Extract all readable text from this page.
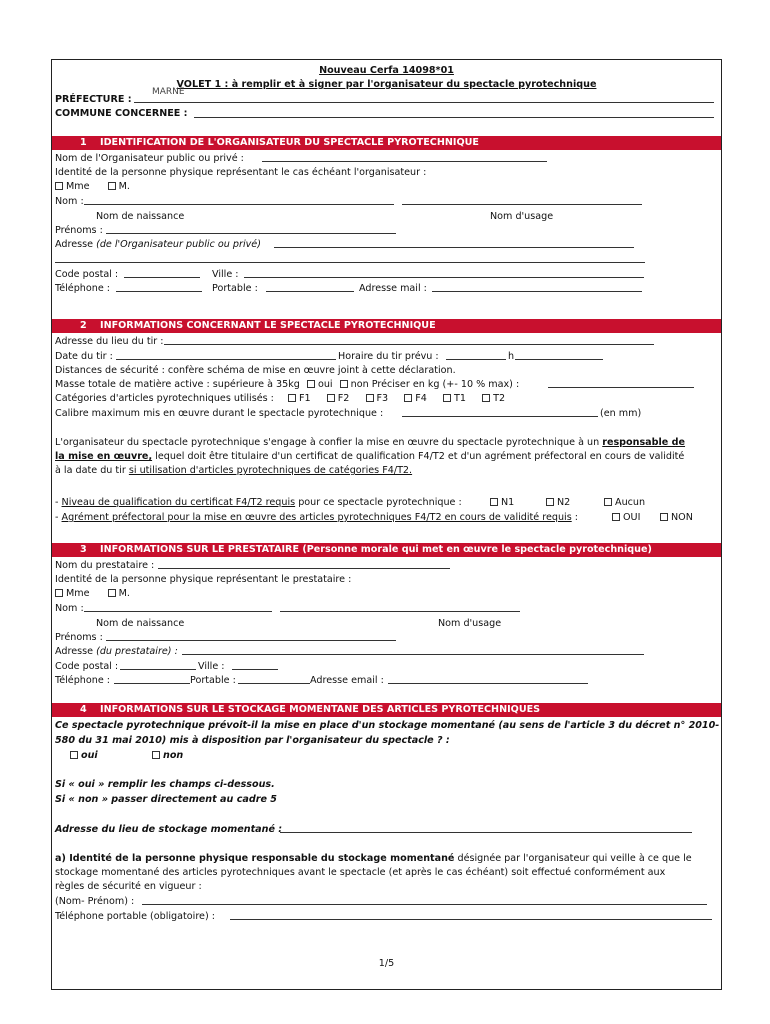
Nouveau Cerfa 14098*01
VOLET 1 : à remplir et à signer par l'organisateur du spectacle pyrotechnique
MARNE
PRÉFECTURE :
COMMUNE CONCERNEE :
1 IDENTIFICATION DE L'ORGANISATEUR DU SPECTACLE PYROTECHNIQUE
Nom de l'Organisateur public ou privé :
Identité de la personne physique représentant le cas échéant l'organisateur :
Mme	M.
Nom :
Nom de naissance	Nom d'usage
Prénoms :
Adresse (de l'Organisateur public ou privé)
Code postal :	Ville :
Téléphone :	Portable :	Adresse mail :
2 INFORMATIONS CONCERNANT LE SPECTACLE PYROTECHNIQUE
Adresse du lieu du tir :
Date du tir :	Horaire du tir prévu :	h
Distances de sécurité : confère schéma de mise en œuvre joint à cette déclaration.
Masse totale de matière active : supérieure à 35kg oui non Préciser en kg (+- 10 % max) :
Catégories d'articles pyrotechniques utilisés :	F1	F2	F3	F4	T1	T2
Calibre maximum mis en œuvre durant le spectacle pyrotechnique :	(en mm)
L'organisateur du spectacle pyrotechnique s'engage à confier la mise en œuvre du spectacle pyrotechnique à un responsable de
la mise en œuvre, lequel doit être titulaire d'un certificat de qualification F4/T2 et d'un agrément préfectoral en cours de validité
à la date du tir si utilisation d'articles pyrotechniques de catégories F4/T2.
- Niveau de qualification du certificat F4/T2 requis pour ce spectacle pyrotechnique :	N1	N2	Aucun
- Agrément préfectoral pour la mise en œuvre des articles pyrotechniques F4/T2 en cours de validité requis :	OUI	NON
3 INFORMATIONS SUR LE PRESTATAIRE (Personne morale qui met en œuvre le spectacle pyrotechnique)
Nom du prestataire :
Identité de la personne physique représentant le prestataire :
Mme	M.
Nom :
Nom de naissance	Nom d'usage
Prénoms :
Adresse (du prestataire) :
Code postal :	Ville :
Téléphone :	Portable :	Adresse email :
4 INFORMATIONS SUR LE STOCKAGE MOMENTANE DES ARTICLES PYROTECHNIQUES
Ce spectacle pyrotechnique prévoit-il la mise en place d'un stockage momentané (au sens de l'article 3 du décret n° 2010-
580 du 31 mai 2010) mis à disposition par l'organisateur du spectacle ? :
oui	non
Si « oui » remplir les champs ci-dessous.
Si « non » passer directement au cadre 5
Adresse du lieu de stockage momentané :
a) Identité de la personne physique responsable du stockage momentané désignée par l'organisateur qui veille à ce que le
stockage momentané des articles pyrotechniques avant le spectacle (et après le cas échéant) soit effectué conformément aux
règles de sécurité en vigueur :
(Nom- Prénom) :
Téléphone portable (obligatoire) :
1/5
